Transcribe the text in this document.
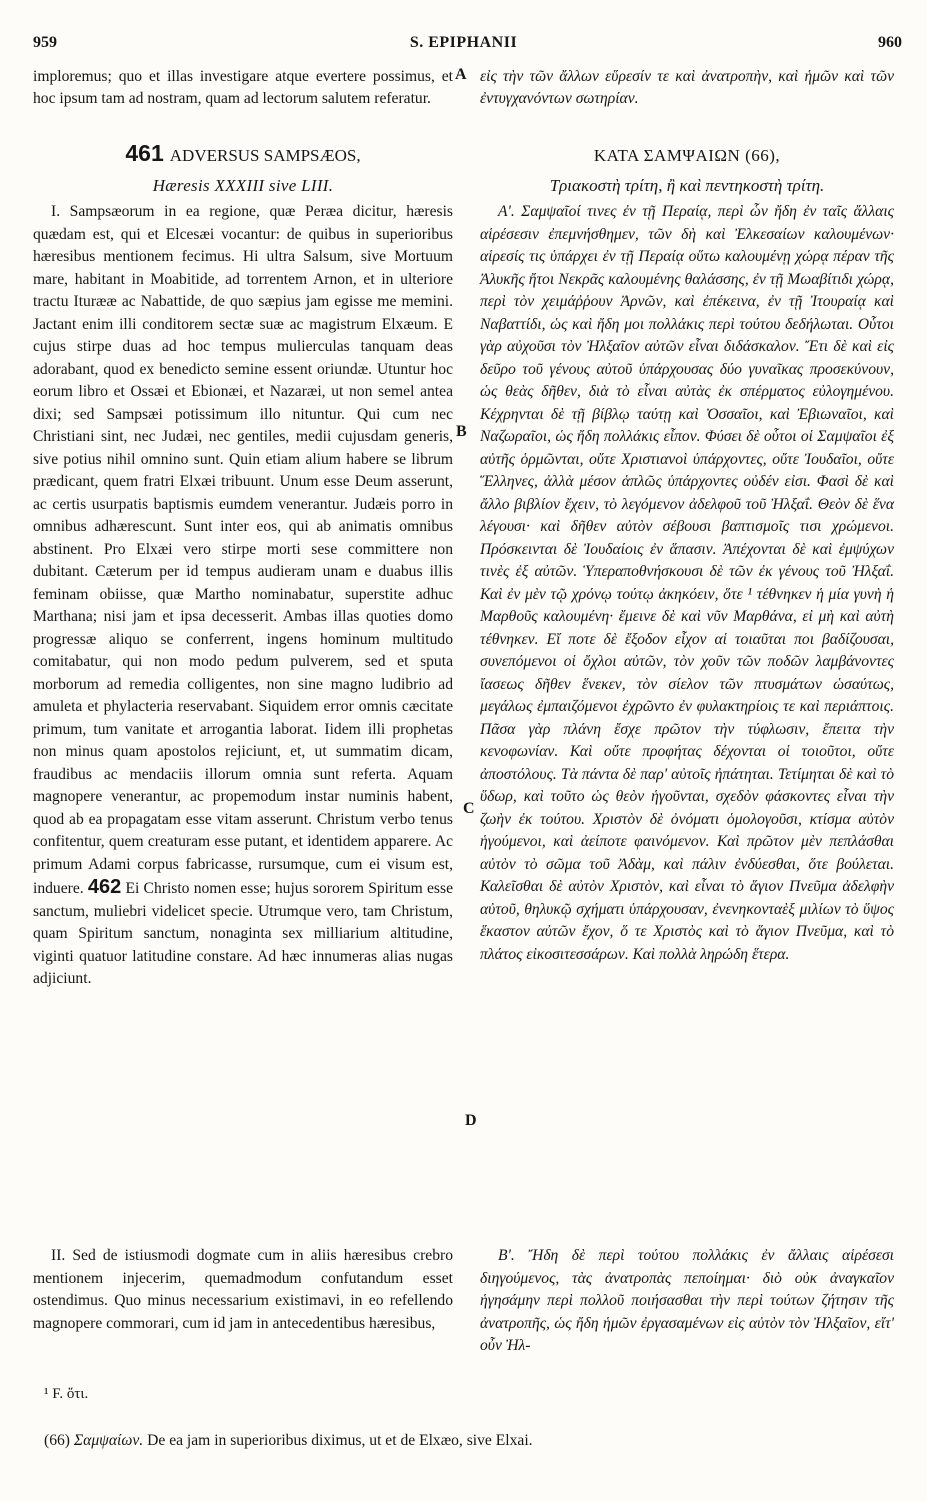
959	S. EPIPHANII	960
imploremus; quo et illas investigare atque evertere possimus, et hoc ipsum tam ad nostram, quam ad lectorum salutem referatur.
A εἰς τὴν τῶν ἄλλων εὕρεσίν τε καὶ ἀνατροπὴν, καὶ ἡμῶν καὶ τῶν ἐντυγχανόντων σωτηρίαν.
461 ADVERSUS SAMPSÆOS,
Hæresis XXXIII sive LIII.
ΚΑΤΑ ΣΑΜΨΑΙΩΝ (66),
Τριακοστὴ τρίτη, ἢ καὶ πεντηκοστὴ τρίτη.

I. Sampsæorum in ea regione, quæ Peræa dicitur, hæresis quædam est, qui et Elcesæi vocantur: de quibus in superioribus hæresibus mentionem fecimus. Hi ultra Salsum, sive Mortuum mare, habitant in Moabitide, ad torrentem Arnon, et in ulteriore tractu Iturææ ac Nabattide, de quo sæpius jam egisse me memini. Jactant enim illi conditorem sectæ suæ ac magistrum Elxæum. E cujus stirpe duas ad hoc tempus mulierculas tanquam deas adorabant, quod ex benedicto semine essent oriundæ. Utuntur hoc eorum libro et Ossæi et Ebionæi, et Nazaræi, ut non semel antea dixi; sed Sampsæi potissimum illo nituntur. Qui cum nec Christiani sint, nec Judæi, nec gentiles, medii cujusdam generis, sive potius nihil omnino sunt. Quin etiam alium habere se librum prædicant, quem fratri Elxæi tribuunt. Unum esse Deum asserunt, ac certis usurpatis baptismis eumdem venerantur. Judæis porro in omnibus adhærescunt. Sunt inter eos, qui ab animatis omnibus abstinent. Pro Elxæi vero stirpe morti sese committere non dubitant. Cæterum per id tempus audieram unam e duabus illis feminam obiisse, quæ Martho nominabatur, superstite adhuc Marthana; nisi jam et ipsa decesserit. Ambas illas quoties domo progressæ aliquo se conferrent, ingens hominum multitudo comitabatur, qui non modo pedum pulverem, sed et sputa morborum ad remedia colligentes, non sine magno ludibrio ad amuleta et phylacteria reservabant. Siquidem error omnis cæcitate primum, tum vanitate et arrogantia laborat. Iidem illi prophetas non minus quam apostolos rejiciunt, et, ut summatim dicam, fraudibus ac mendaciis illorum omnia sunt referta. Aquam magnopere venerantur, ac propemodum instar numinis habent, quod ab ea propagatam esse vitam asserunt. Christum verbo tenus confitentur, quem creaturam esse putant, et identidem apparere. Ac primum Adami corpus fabricasse, rursumque, cum ei visum est, induere. 462 Ei Christo nomen esse; hujus sororem Spiritum esse sanctum, muliebri videlicet specie. Utrumque vero, tam Christum, quam Spiritum sanctum, nonaginta sex milliarium altitudine, viginti quatuor latitudine constare. Ad hæc innumeras alias nugas adjiciunt.

B
C
D

Α'. Σαμψαῖοί τινες ἐν τῇ Περαίᾳ, περὶ ὧν ἤδη ἐν ταῖς ἄλλαις αἱρέσεσιν ἐπεμνήσθημεν, τῶν δὴ καὶ Ἐλκεσαίων καλουμένων· αἱρεσίς τις ὑπάρχει ἐν τῇ Περαίᾳ οὕτω καλουμένῃ χώρᾳ πέραν τῆς Ἀλυκῆς ἤτοι Νεκρᾶς καλουμένης θαλάσσης, ἐν τῇ Μωαβίτιδι χώρᾳ, περὶ τὸν χειμάῤῥουν Ἀρνῶν, καὶ ἐπέκεινα, ἐν τῇ Ἰτουραίᾳ καὶ Ναβαττίδι, ὡς καὶ ἤδη μοι πολλάκις περὶ τούτου δεδήλωται. Οὗτοι γὰρ αὐχοῦσι τὸν Ἠλξαῖον αὐτῶν εἶναι διδάσκαλον. Ἔτι δὲ καὶ εἰς δεῦρο τοῦ γένους αὐτοῦ ὑπάρχουσας δύο γυναῖκας προσεκύνουν, ὡς θεὰς δῆθεν, διὰ τὸ εἶναι αὐτὰς ἐκ σπέρματος εὐλογημένου. Κέχρηνται δὲ τῇ βίβλῳ ταύτῃ καὶ Ὀσσαῖοι, καὶ Ἐβιωναῖοι, καὶ Ναζωραῖοι, ὡς ἤδη πολλάκις εἶπον. Φύσει δὲ οὗτοι οἱ Σαμψαῖοι ἐξ αὐτῆς ὁρμῶνται, οὔτε Χριστιανοὶ ὑπάρχοντες, οὔτε Ἰουδαῖοι, οὔτε Ἕλληνες, ἀλλὰ μέσον ἁπλῶς ὑπάρχοντες οὐδέν εἰσι. Φασὶ δὲ καὶ ἄλλο βιβλίον ἔχειν, τὸ λεγόμενον ἀδελφοῦ τοῦ Ἠλξαΐ. Θεὸν δὲ ἕνα λέγουσι· καὶ δῆθεν αὐτὸν σέβουσι βαπτισμοῖς τισι χρώμενοι. Πρόσκεινται δὲ Ἰουδαίοις ἐν ἅπασιν. Ἀπέχονται δὲ καὶ ἐμψύχων τινὲς ἐξ αὐτῶν. Ὑπεραποθνήσκουσι δὲ τῶν ἐκ γένους τοῦ Ἠλξαΐ. Καὶ ἐν μὲν τῷ χρόνῳ τούτῳ ἀκηκόειν, ὅτε ¹ τέθνηκεν ἡ μία γυνὴ ἡ Μαρθοῦς καλουμένη· ἔμεινε δὲ καὶ νῦν Μαρθάνα, εἰ μὴ καὶ αὐτὴ τέθνηκεν. Εἴ ποτε δὲ ἔξοδον εἶχον αἱ τοιαῦται ποι βαδίζουσαι, συνεπόμενοι οἱ ὄχλοι αὐτῶν, τὸν χοῦν τῶν ποδῶν λαμβάνοντες ἴασεως δῆθεν ἕνεκεν, τὸν σίελον τῶν πτυσμάτων ὡσαύτως, μεγάλως ἐμπαιζόμενοι ἐχρῶντο ἐν φυλακτηρίοις τε καὶ περιάπτοις. Πᾶσα γὰρ πλάνη ἔσχε πρῶτον τὴν τύφλωσιν, ἔπειτα τὴν κενοφωνίαν. Καὶ οὔτε προφήτας δέχονται οἱ τοιοῦτοι, οὔτε ἀποστόλους. Τὰ πάντα δὲ παρ' αὐτοῖς ἠπάτηται. Τετίμηται δὲ καὶ τὸ ὕδωρ, καὶ τοῦτο ὡς θεὸν ἡγοῦνται, σχεδὸν φάσκοντες εἶναι τὴν ζωὴν ἐκ τούτου. Χριστὸν δὲ ὀνόματι ὁμολογοῦσι, κτίσμα αὐτὸν ἡγούμενοι, καὶ ἀείποτε φαινόμενον. Καὶ πρῶτον μὲν πεπλάσθαι αὐτὸν τὸ σῶμα τοῦ Ἀδὰμ, καὶ πάλιν ἐνδύεσθαι, ὅτε βούλεται. Καλεῖσθαι δὲ αὐτὸν Χριστὸν, καὶ εἶναι τὸ ἅγιον Πνεῦμα ἀδελφὴν αὐτοῦ, θηλυκῷ σχήματι ὑπάρχουσαν, ἐνενηκονταὲξ μιλίων τὸ ὕψος ἕκαστον αὐτῶν ἔχον, ὅ τε Χριστὸς καὶ τὸ ἅγιον Πνεῦμα, καὶ τὸ πλάτος εἰκοσιτεσσάρων. Καὶ πολλὰ ληρώδη ἕτερα.

II. Sed de istiusmodi dogmate cum in aliis hæresibus crebro mentionem injecerim, quemadmodum confutandum esset ostendimus. Quo minus necessarium existimavi, in eo refellendo magnopere commorari, cum id jam in antecedentibus hæresibus,

Β'. Ἤδη δὲ περὶ τούτου πολλάκις ἐν ἄλλαις αἱρέσεσι διηγούμενος, τὰς ἀνατροπὰς πεποίημαι· διὸ οὐκ ἀναγκαῖον ἡγησάμην περὶ πολλοῦ ποιήσασθαι τὴν περὶ τούτων ζήτησιν τῆς ἀνατροπῆς, ὡς ἤδη ἡμῶν ἐργασαμένων εἰς αὐτὸν τὸν Ἠλξαῖον, εἴτ' οὖν Ἠλ-

¹ F. ὅτι.
(66) Σαμψαίων. De ea jam in superioribus diximus, ut et de Elxæo, sive Elxai.
